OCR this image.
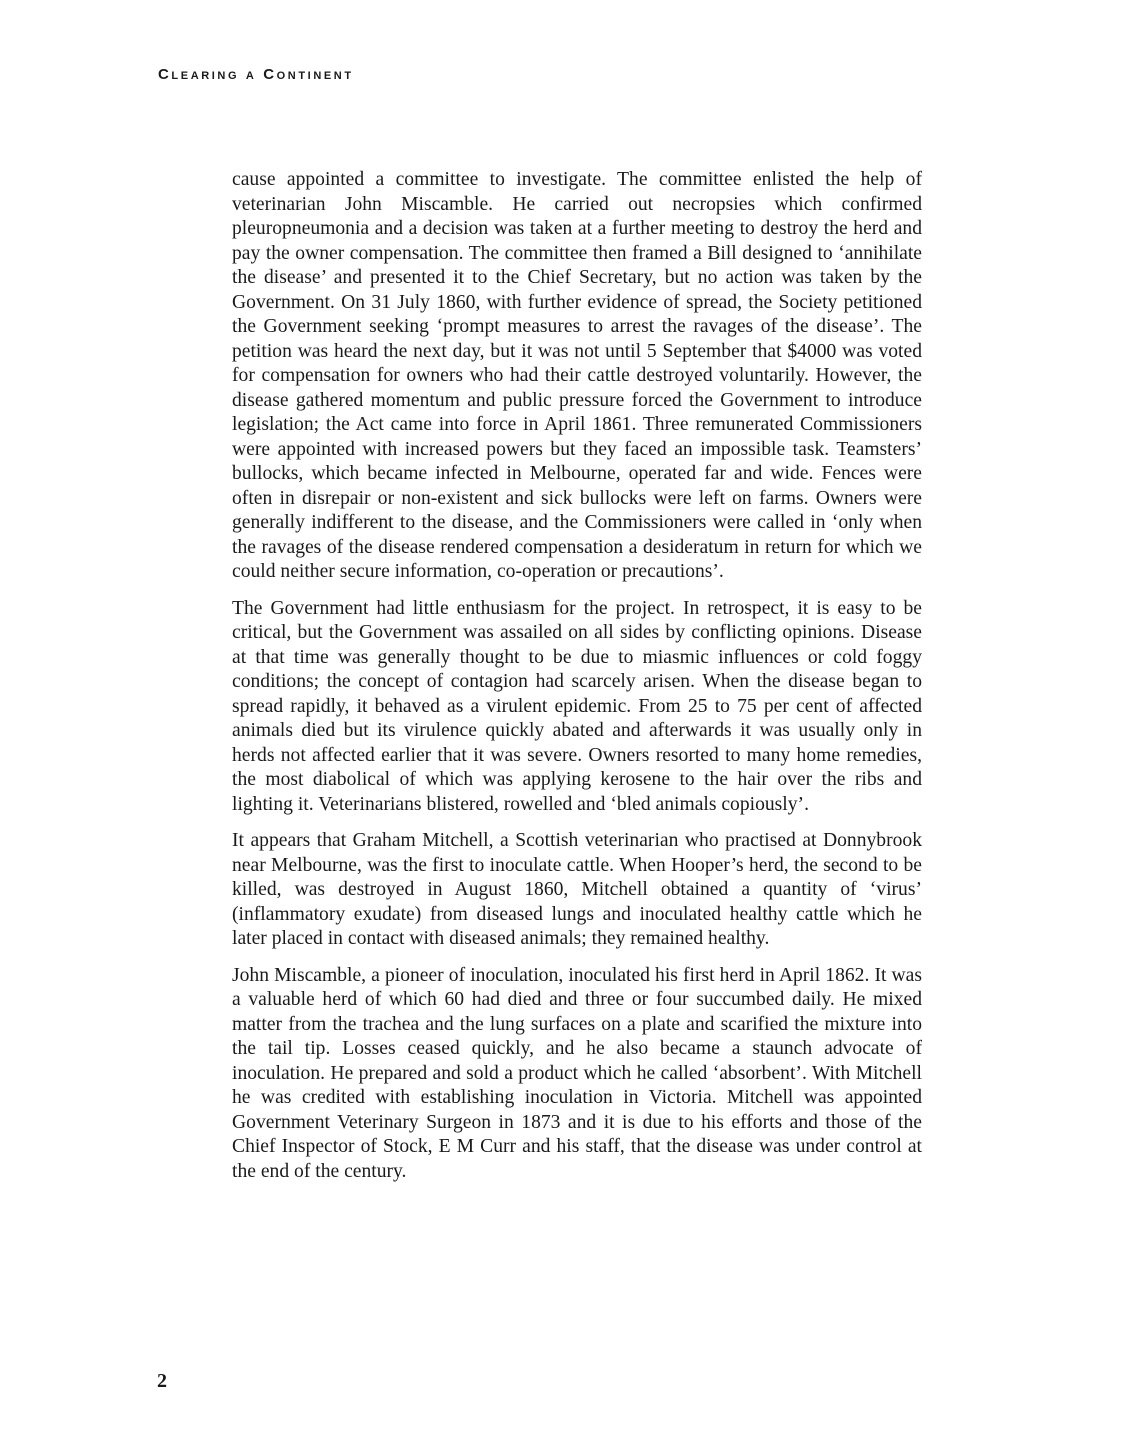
Clearing a Continent

cause appointed a committee to investigate. The committee enlisted the help of veterinarian John Miscamble. He carried out necropsies which confirmed pleuropneumonia and a decision was taken at a further meeting to destroy the herd and pay the owner compensation. The committee then framed a Bill designed to ‘annihilate the disease’ and presented it to the Chief Secretary, but no action was taken by the Government. On 31 July 1860, with further evidence of spread, the Society petitioned the Government seeking ‘prompt measures to arrest the ravages of the disease’. The petition was heard the next day, but it was not until 5 September that $4000 was voted for compensation for owners who had their cattle destroyed voluntarily. However, the disease gathered momentum and public pressure forced the Government to introduce legislation; the Act came into force in April 1861. Three remunerated Commissioners were appointed with increased powers but they faced an impossible task. Teamsters’ bullocks, which became infected in Melbourne, operated far and wide. Fences were often in disrepair or non-existent and sick bullocks were left on farms. Owners were generally indifferent to the disease, and the Commissioners were called in ‘only when the ravages of the disease rendered compensation a desideratum in return for which we could neither secure information, co-operation or precautions’.

The Government had little enthusiasm for the project. In retrospect, it is easy to be critical, but the Government was assailed on all sides by conflicting opinions. Disease at that time was generally thought to be due to miasmic influences or cold foggy conditions; the concept of contagion had scarcely arisen. When the disease began to spread rapidly, it behaved as a virulent epidemic. From 25 to 75 per cent of affected animals died but its virulence quickly abated and afterwards it was usually only in herds not affected earlier that it was severe. Owners resorted to many home remedies, the most diabolical of which was applying kerosene to the hair over the ribs and lighting it. Veterinarians blistered, rowelled and ‘bled animals copiously’.

It appears that Graham Mitchell, a Scottish veterinarian who practised at Donnybrook near Melbourne, was the first to inoculate cattle. When Hooper’s herd, the second to be killed, was destroyed in August 1860, Mitchell obtained a quantity of ‘virus’ (inflammatory exudate) from diseased lungs and inoculated healthy cattle which he later placed in contact with diseased animals; they remained healthy.

John Miscamble, a pioneer of inoculation, inoculated his first herd in April 1862. It was a valuable herd of which 60 had died and three or four succumbed daily. He mixed matter from the trachea and the lung surfaces on a plate and scarified the mixture into the tail tip. Losses ceased quickly, and he also became a staunch advocate of inoculation. He prepared and sold a product which he called ‘absorbent’. With Mitchell he was credited with establishing inoculation in Victoria. Mitchell was appointed Government Veterinary Surgeon in 1873 and it is due to his efforts and those of the Chief Inspector of Stock, E M Curr and his staff, that the disease was under control at the end of the century.

2
